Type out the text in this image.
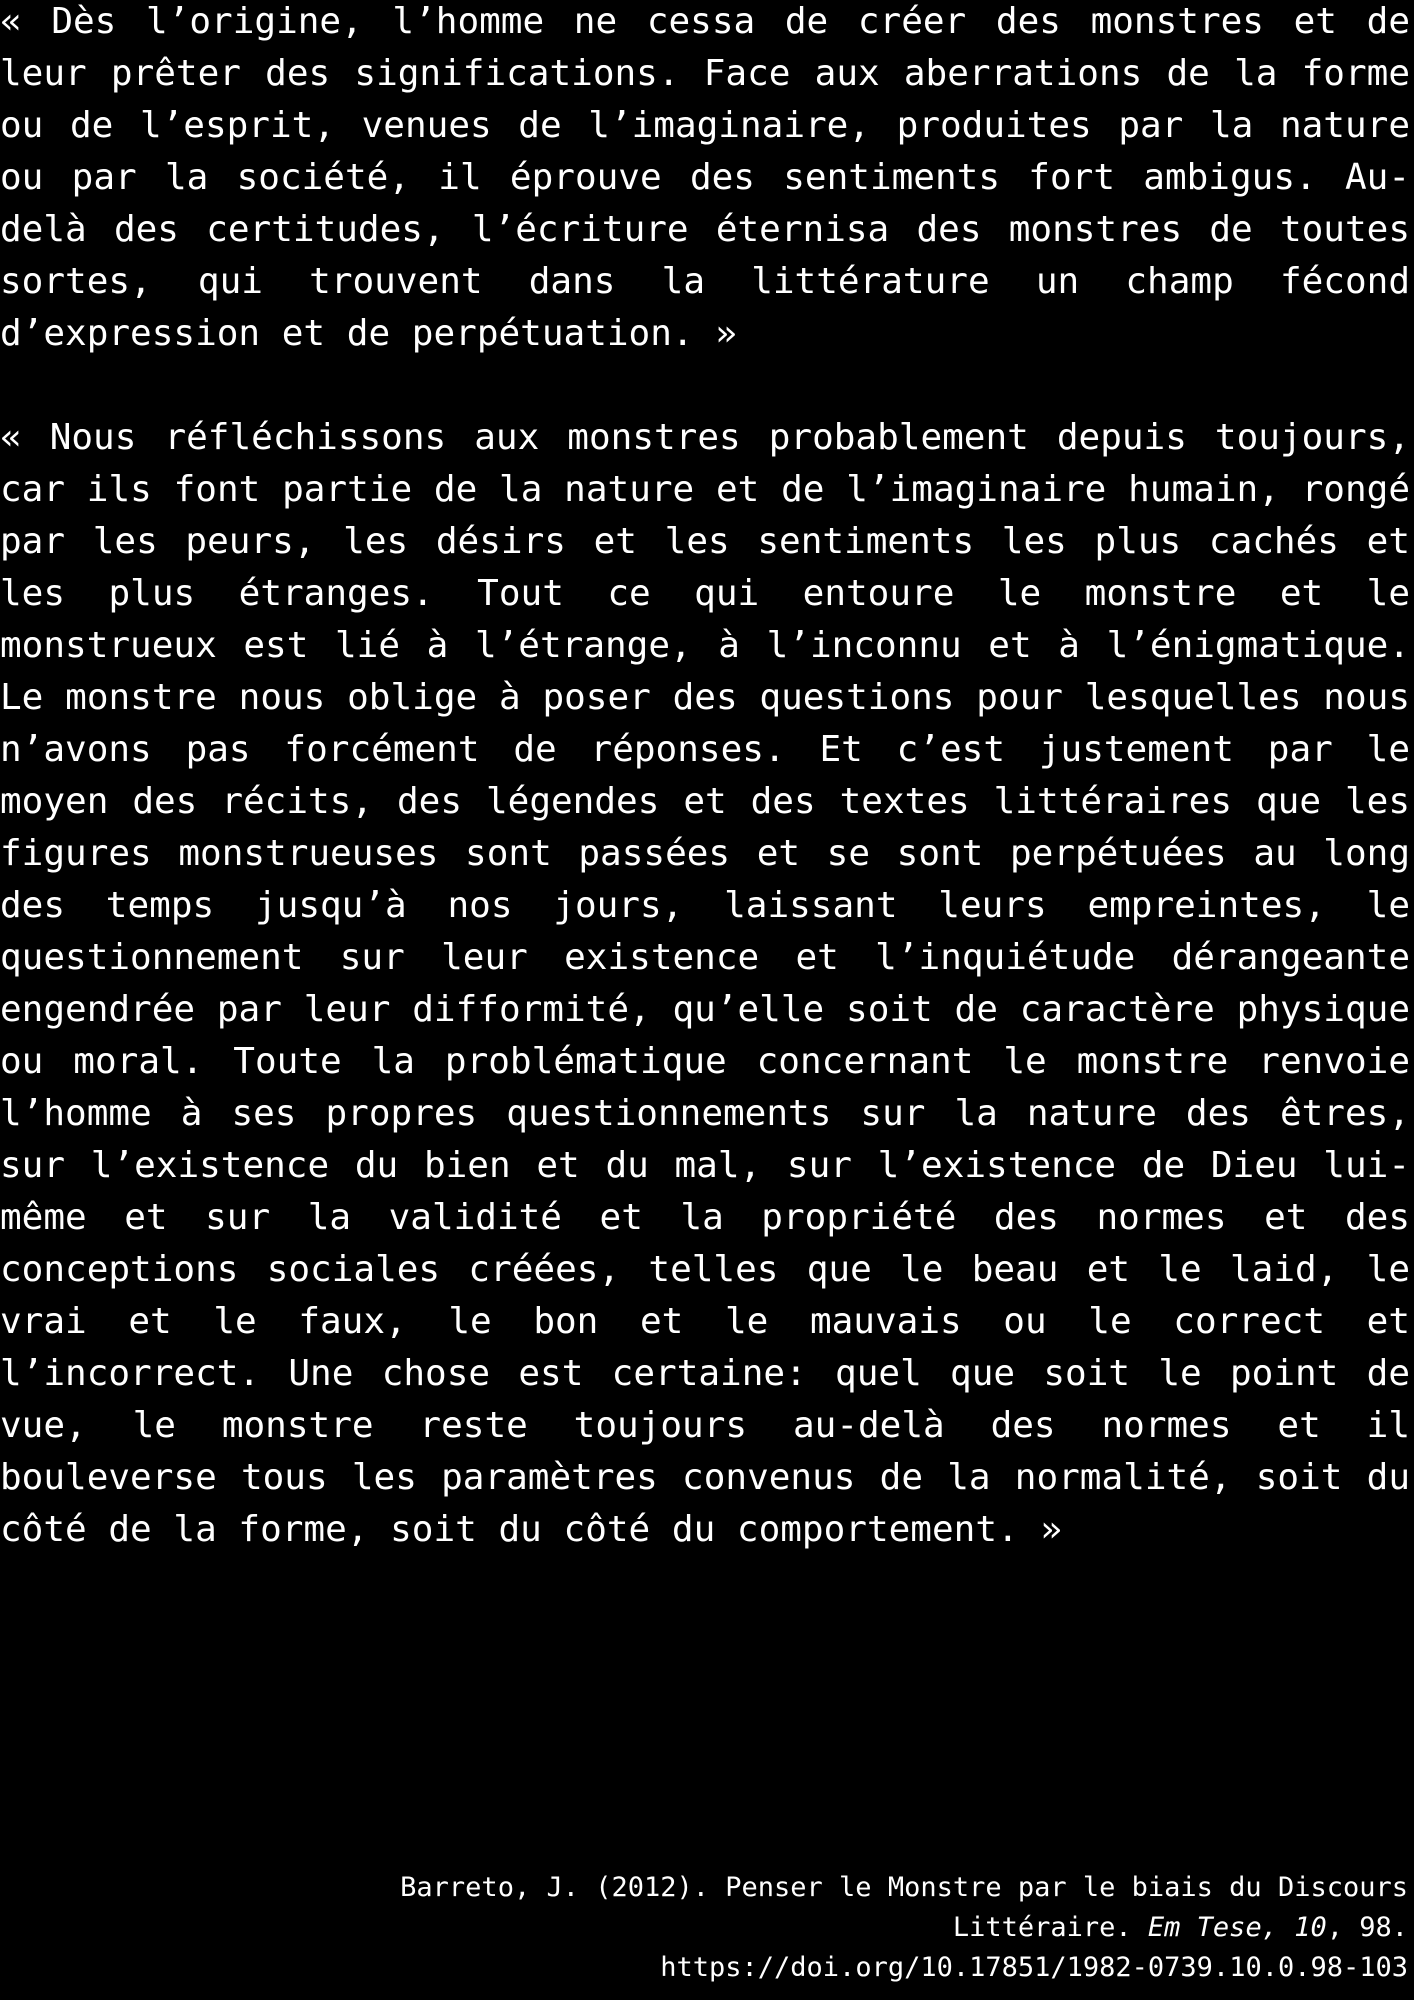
« Dès l’origine, l’homme ne cessa de créer des monstres et de leur prêter des significations. Face aux aberrations de la forme ou de l’esprit, venues de l’imaginaire, produites par la nature ou par la société, il éprouve des sentiments fort ambigus. Au-delà des certitudes, l’écriture éternisa des monstres de toutes sortes, qui trouvent dans la littérature un champ fécond d’expression et de perpétuation. »

« Nous réfléchissons aux monstres probablement depuis toujours, car ils font partie de la nature et de l’imaginaire humain, rongé par les peurs, les désirs et les sentiments les plus cachés et les plus étranges. Tout ce qui entoure le monstre et le monstrueux est lié à l’étrange, à l’inconnu et à l’énigmatique. Le monstre nous oblige à poser des questions pour lesquelles nous n’avons pas forcément de réponses. Et c’est justement par le moyen des récits, des légendes et des textes littéraires que les figures monstrueuses sont passées et se sont perpétuées au long des temps jusqu’à nos jours, laissant leurs empreintes, le questionnement sur leur existence et l’inquiétude dérangeante engendrée par leur difformité, qu’elle soit de caractère physique ou moral. Toute la problématique concernant le monstre renvoie l’homme à ses propres questionnements sur la nature des êtres, sur l’existence du bien et du mal, sur l’existence de Dieu lui-même et sur la validité et la propriété des normes et des conceptions sociales créées, telles que le beau et le laid, le vrai et le faux, le bon et le mauvais ou le correct et l’incorrect. Une chose est certaine: quel que soit le point de vue, le monstre reste toujours au-delà des normes et il bouleverse tous les paramètres convenus de la normalité, soit du côté de la forme, soit du côté du comportement. »

Barreto, J. (2012). Penser le Monstre par le biais du Discours
Littéraire. Em Tese, 10, 98.
https://doi.org/10.17851/1982-0739.10.0.98-103
